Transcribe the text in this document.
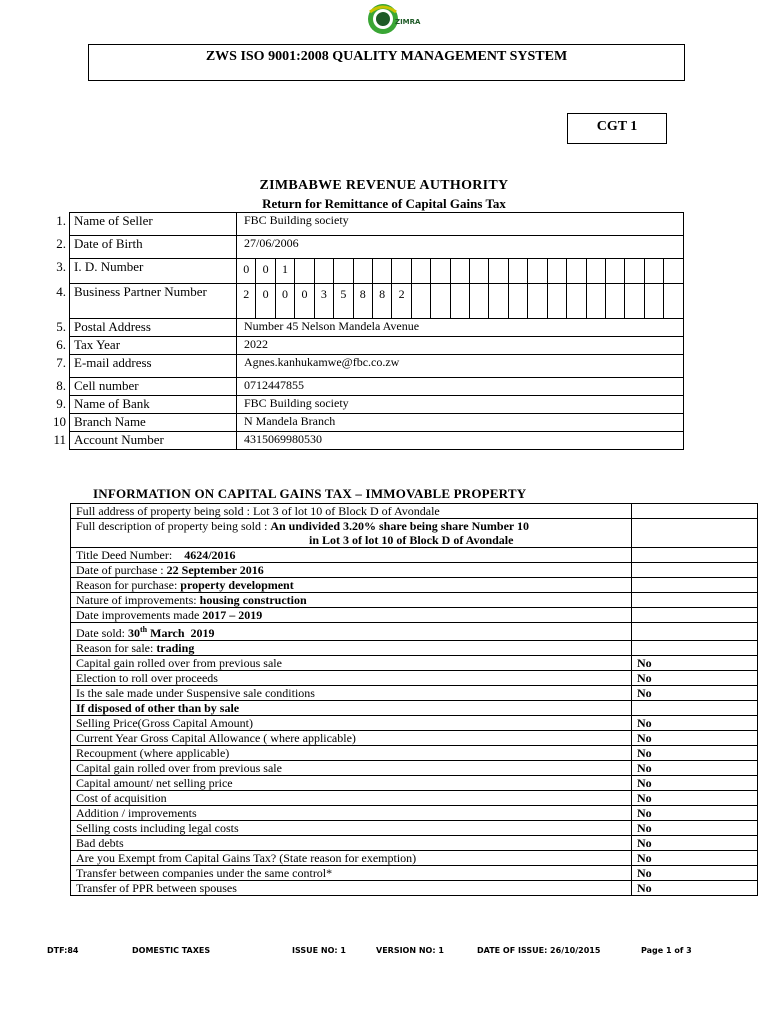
ZIMRA
ZWS ISO 9001:2008 QUALITY MANAGEMENT SYSTEM
CGT 1
ZIMBABWE REVENUE AUTHORITY
Return for Remittance of Capital Gains Tax
1.	Name of Seller	FBC Building society
2.	Date of Birth	27/06/2006
3.	I. D. Number		0	0	1																				

4.	Business Partner Number		2	0	0	0	3	5	8	8	2														

5.	Postal Address	Number 45 Nelson Mandela Avenue
6.	Tax Year	2022
7.	E-mail address	Agnes.kanhukamwe@fbc.co.zw
8.	Cell number	0712447855
9.	Name of Bank	FBC Building society
10	Branch Name	N Mandela Branch
11	Account Number	4315069980530
INFORMATION ON CAPITAL GAINS TAX – IMMOVABLE PROPERTY
Full address of property being sold : Lot 3 of lot 10 of Block D of Avondale	
Full description of property being sold : An undivided 3.20% share being share Number 10
in Lot 3 of lot 10 of Block D of Avondale	

Title Deed Number:    4624/2016	
Date of purchase : 22 September 2016	
Reason for purchase: property development	
Nature of improvements: housing construction	
Date improvements made 2017 – 2019	
Date sold: 30th March  2019	
Reason for sale: trading	
Capital gain rolled over from previous sale	No
Election to roll over proceeds	No
Is the sale made under Suspensive sale conditions	No
If disposed of other than by sale	
Selling Price(Gross Capital Amount)	No
Current Year Gross Capital Allowance ( where applicable)	No
Recoupment (where applicable)	No
Capital gain rolled over from previous sale	No
Capital amount/ net selling price	No
Cost of acquisition	No
Addition / improvements	No
Selling costs including legal costs	No
Bad debts	No
Are you Exempt from Capital Gains Tax? (State reason for exemption)	No
Transfer between companies under the same control*	No
Transfer of PPR between spouses	No
DTF:84	DOMESTIC TAXES	ISSUE NO: 1	VERSION NO: 1	DATE OF ISSUE: 26/10/2015	Page 1 of 3
